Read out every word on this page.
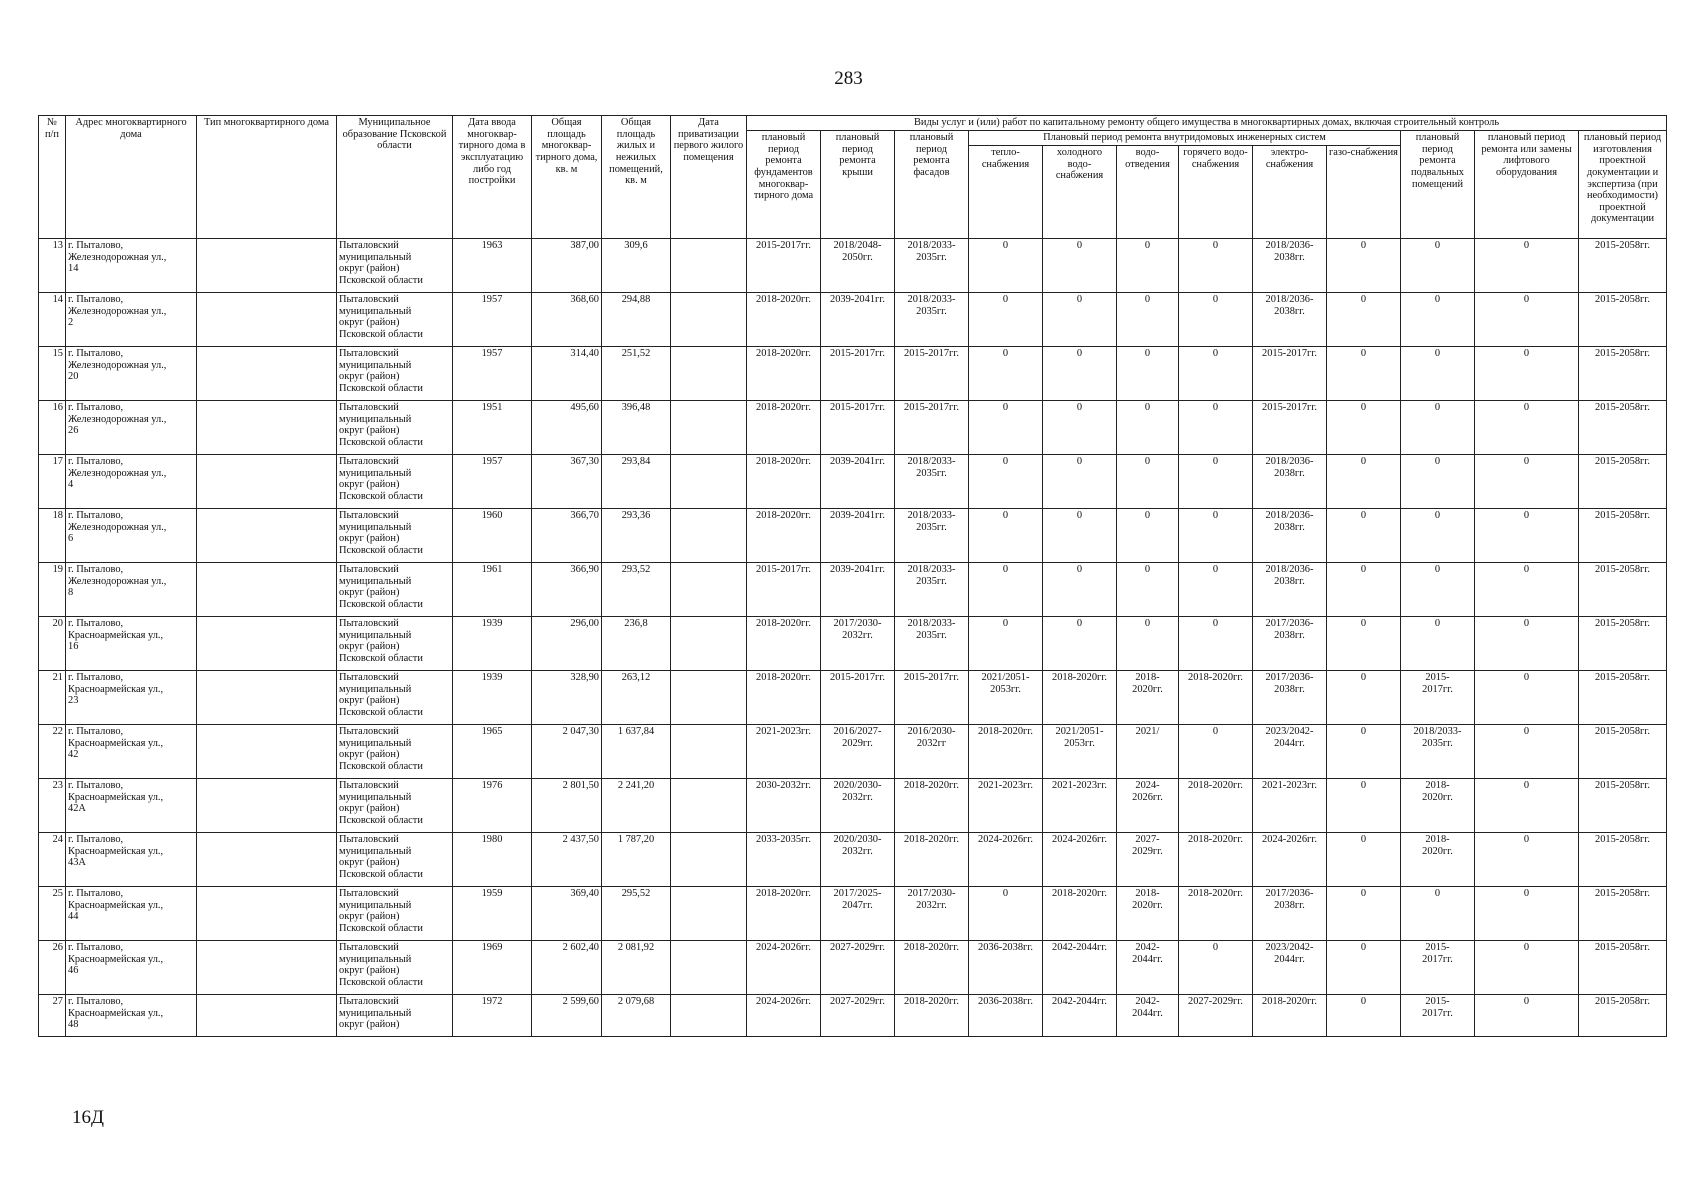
283
№
п/п	Адрес многоквартирного дома	Тип многоквартирного дома	Муниципальное образование Псковской области	Дата ввода многоквар-тирного дома в эксплуатацию либо год постройки	Общая площадь многоквар-тирного дома, кв. м	Общая площадь жилых и нежилых помещений, кв. м	Дата приватизации первого жилого помещения	Виды услуг и (или) работ по капитальному ремонту общего имущества в многоквартирных домах, включая строительный контроль											
								плановый период ремонта фундаментов многоквар-тирного дома	плановый период ремонта крыши	плановый период ремонта фасадов	Плановый период ремонта внутридомовых инженерных систем						плановый период ремонта подвальных помещений	плановый период ремонта или замены лифтового оборудования	плановый период изготовления проектной документации и экспертиза (при необходимости) проектной документации
											тепло-снабжения	холодного водо-снабжения	водо-отведения	горячего водо-снабжения	электро-снабжения	газо-снабжения			
13	г. Пыталово,
Железнодорожная ул.,
14		Пыталовский
муниципальный
округ (район)
Псковской области	1963	387,00	309,6		2015-2017гг.	2018/2048-
2050гг.	2018/2033-
2035гг.	0	0	0	0	2018/2036-
2038гг.	0	0	0	2015-2058гг.
14	г. Пыталово,
Железнодорожная ул.,
2		Пыталовский
муниципальный
округ (район)
Псковской области	1957	368,60	294,88		2018-2020гг.	2039-2041гг.	2018/2033-
2035гг.	0	0	0	0	2018/2036-
2038гг.	0	0	0	2015-2058гг.
15	г. Пыталово,
Железнодорожная ул.,
20		Пыталовский
муниципальный
округ (район)
Псковской области	1957	314,40	251,52		2018-2020гг.	2015-2017гг.	2015-2017гг.	0	0	0	0	2015-2017гг.	0	0	0	2015-2058гг.
16	г. Пыталово,
Железнодорожная ул.,
26		Пыталовский
муниципальный
округ (район)
Псковской области	1951	495,60	396,48		2018-2020гг.	2015-2017гг.	2015-2017гг.	0	0	0	0	2015-2017гг.	0	0	0	2015-2058гг.
17	г. Пыталово,
Железнодорожная ул.,
4		Пыталовский
муниципальный
округ (район)
Псковской области	1957	367,30	293,84		2018-2020гг.	2039-2041гг.	2018/2033-
2035гг.	0	0	0	0	2018/2036-
2038гг.	0	0	0	2015-2058гг.
18	г. Пыталово,
Железнодорожная ул.,
6		Пыталовский
муниципальный
округ (район)
Псковской области	1960	366,70	293,36		2018-2020гг.	2039-2041гг.	2018/2033-
2035гг.	0	0	0	0	2018/2036-
2038гг.	0	0	0	2015-2058гг.
19	г. Пыталово,
Железнодорожная ул.,
8		Пыталовский
муниципальный
округ (район)
Псковской области	1961	366,90	293,52		2015-2017гг.	2039-2041гг.	2018/2033-
2035гг.	0	0	0	0	2018/2036-
2038гг.	0	0	0	2015-2058гг.
20	г. Пыталово,
Красноармейская ул.,
16		Пыталовский
муниципальный
округ (район)
Псковской области	1939	296,00	236,8		2018-2020гг.	2017/2030-
2032гг.	2018/2033-
2035гг.	0	0	0	0	2017/2036-
2038гг.	0	0	0	2015-2058гг.
21	г. Пыталово,
Красноармейская ул.,
23		Пыталовский
муниципальный
округ (район)
Псковской области	1939	328,90	263,12		2018-2020гг.	2015-2017гг.	2015-2017гг.	2021/2051-
2053гг.	2018-2020гг.	2018-
2020гг.	2018-2020гг.	2017/2036-
2038гг.	0	2015-
2017гг.	0	2015-2058гг.
22	г. Пыталово,
Красноармейская ул.,
42		Пыталовский
муниципальный
округ (район)
Псковской области	1965	2 047,30	1 637,84		2021-2023гг.	2016/2027-
2029гг.	2016/2030-
2032гг	2018-2020гг.	2021/2051-
2053гг.	2021/	0	2023/2042-
2044гг.	0	2018/2033-
2035гг.	0	2015-2058гг.
23	г. Пыталово,
Красноармейская ул.,
42А		Пыталовский
муниципальный
округ (район)
Псковской области	1976	2 801,50	2 241,20		2030-2032гг.	2020/2030-
2032гг.	2018-2020гг.	2021-2023гг.	2021-2023гг.	2024-
2026гг.	2018-2020гг.	2021-2023гг.	0	2018-
2020гг.	0	2015-2058гг.
24	г. Пыталово,
Красноармейская ул.,
43А		Пыталовский
муниципальный
округ (район)
Псковской области	1980	2 437,50	1 787,20		2033-2035гг.	2020/2030-
2032гг.	2018-2020гг.	2024-2026гг.	2024-2026гг.	2027-
2029гг.	2018-2020гг.	2024-2026гг.	0	2018-
2020гг.	0	2015-2058гг.
25	г. Пыталово,
Красноармейская ул.,
44		Пыталовский
муниципальный
округ (район)
Псковской области	1959	369,40	295,52		2018-2020гг.	2017/2025-
2047гг.	2017/2030-
2032гг.	0	2018-2020гг.	2018-
2020гг.	2018-2020гг.	2017/2036-
2038гг.	0	0	0	2015-2058гг.
26	г. Пыталово,
Красноармейская ул.,
46		Пыталовский
муниципальный
округ (район)
Псковской области	1969	2 602,40	2 081,92		2024-2026гг.	2027-2029гг.	2018-2020гг.	2036-2038гг.	2042-2044гг.	2042-
2044гг.	0	2023/2042-
2044гг.	0	2015-
2017гг.	0	2015-2058гг.
27	г. Пыталово,
Красноармейская ул.,
48		Пыталовский
муниципальный
округ (район)	1972	2 599,60	2 079,68		2024-2026гг.	2027-2029гг.	2018-2020гг.	2036-2038гг.	2042-2044гг.	2042-
2044гг.	2027-2029гг.	2018-2020гг.	0	2015-
2017гг.	0	2015-2058гг.
16Д
